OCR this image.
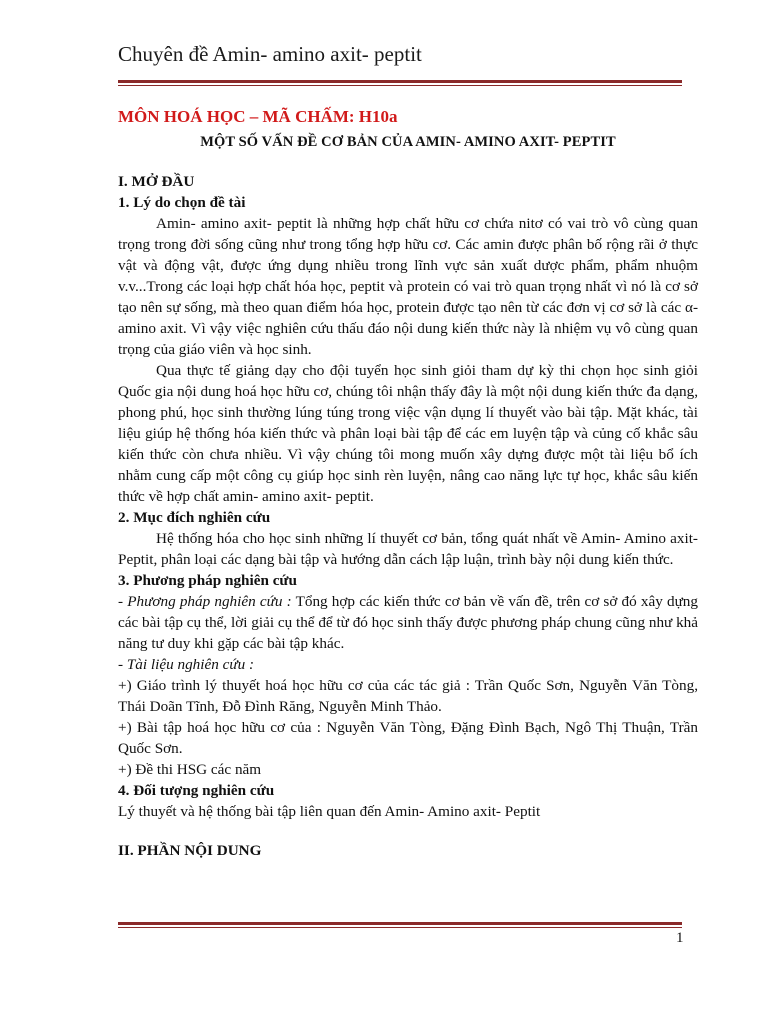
Chuyên đề Amin- amino axit- peptit
MÔN HOÁ HỌC – MÃ CHẤM: H10a
MỘT SỐ VẤN ĐỀ CƠ BẢN CỦA AMIN- AMINO AXIT- PEPTIT
I. MỞ ĐẦU
1. Lý do chọn đề tài

Amin- amino axit- peptit là những hợp chất hữu cơ chứa nitơ có vai trò vô cùng quan trọng trong đời sống cũng như trong tổng hợp hữu cơ. Các amin được phân bố rộng rãi ở thực vật và động vật, được ứng dụng nhiều trong lĩnh vực sản xuất dược phẩm, phẩm nhuộm v.v...Trong các loại hợp chất hóa học, peptit và protein có vai trò quan trọng nhất vì nó là cơ sở tạo nên sự sống, mà theo quan điểm hóa học, protein được tạo nên từ các đơn vị cơ sở là các α- amino axit. Vì vậy việc nghiên cứu thấu đáo nội dung kiến thức này là nhiệm vụ vô cùng quan trọng của giáo viên và học sinh.

Qua thực tế giảng dạy cho đội tuyển học sinh giỏi tham dự kỳ thi chọn học sinh giỏi Quốc gia nội dung hoá học hữu cơ, chúng tôi nhận thấy đây là một nội dung kiến thức đa dạng, phong phú, học sinh thường lúng túng trong việc vận dụng lí thuyết vào bài tập. Mặt khác, tài liệu giúp hệ thống hóa kiến thức và phân loại bài tập để các em luyện tập và củng cố khắc sâu kiến thức còn chưa nhiều. Vì vậy chúng tôi mong muốn xây dựng được một tài liệu bổ ích nhằm cung cấp một công cụ giúp học sinh rèn luyện, nâng cao năng lực tự học, khắc sâu kiến thức về hợp chất amin- amino axit- peptit.

2. Mục đích nghiên cứu

Hệ thống hóa cho học sinh những lí thuyết cơ bản, tổng quát nhất về Amin- Amino axit- Peptit, phân loại các dạng bài tập và hướng dẫn cách lập luận, trình bày nội dung kiến thức.

3. Phương pháp nghiên cứu

- Phương pháp nghiên cứu : Tổng hợp các kiến thức cơ bản về vấn đề, trên cơ sở đó xây dựng các bài tập cụ thể, lời giải cụ thể để từ đó học sinh thấy được phương pháp chung cũng như khả năng tư duy khi gặp các bài tập khác.

- Tài liệu nghiên cứu :

+) Giáo trình lý thuyết hoá học hữu cơ của các tác giả : Trần Quốc Sơn, Nguyễn Văn Tòng, Thái Doãn Tĩnh, Đỗ Đình Răng, Nguyễn Minh Thảo.

+) Bài tập hoá học hữu cơ của : Nguyễn Văn Tòng, Đặng Đình Bạch, Ngô Thị Thuận, Trần Quốc Sơn.

+) Đề thi HSG các năm

4. Đối tượng nghiên cứu

Lý thuyết và hệ thống bài tập liên quan đến Amin- Amino axit- Peptit

II. PHẦN NỘI DUNG
1
